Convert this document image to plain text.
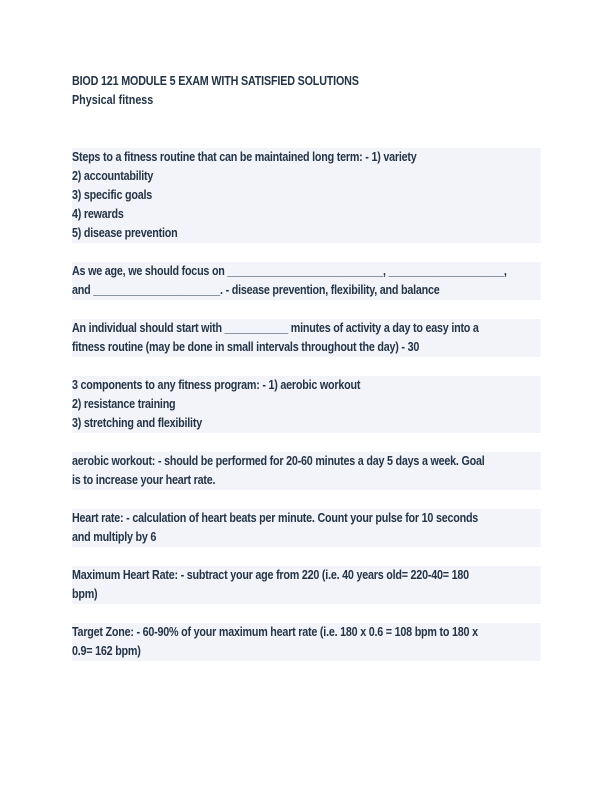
BIOD 121 MODULE 5 EXAM WITH SATISFIED SOLUTIONS

Physical fitness

Steps to a fitness routine that can be maintained long term: - 1) variety
2) accountability
3) specific goals
4) rewards
5) disease prevention
As we age, we should focus on ___________________________, ____________________,
and ______________________. - disease prevention, flexibility, and balance
An individual should start with ___________ minutes of activity a day to easy into a
fitness routine (may be done in small intervals throughout the day) - 30
3 components to any fitness program: - 1) aerobic workout
2) resistance training
3) stretching and flexibility
aerobic workout: - should be performed for 20-60 minutes a day 5 days a week. Goal
is to increase your heart rate.
Heart rate: - calculation of heart beats per minute. Count your pulse for 10 seconds
and multiply by 6
Maximum Heart Rate: - subtract your age from 220 (i.e. 40 years old= 220-40= 180
bpm)
Target Zone: - 60-90% of your maximum heart rate (i.e. 180 x 0.6 = 108 bpm to 180 x
0.9= 162 bpm)
